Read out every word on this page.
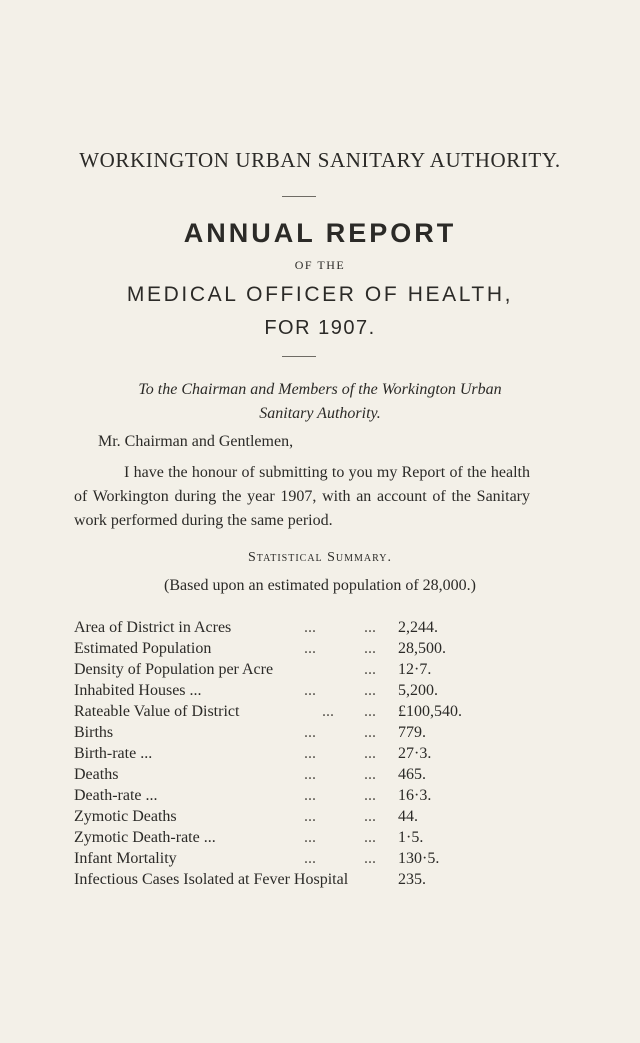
WORKINGTON URBAN SANITARY AUTHORITY.
ANNUAL REPORT
OF THE
MEDICAL OFFICER OF HEALTH,
FOR 1907.
To the Chairman and Members of the Workington Urban
Sanitary Authority.
Mr. Chairman and Gentlemen,
I have the honour of submitting to you my Report of the health of Workington during the year 1907, with an account of the Sanitary work performed during the same period.
Statistical Summary.
(Based upon an estimated population of 28,000.)
Area of District in Acres	...	... 2,244.
Estimated Population	...	... 28,500.
Density of Population per Acre	... 12·7.
Inhabited Houses ...	...	... 5,200.
Rateable Value of District	... ... £100,540.
Births	...	... 779.
Birth-rate ...	...	... 27·3.
Deaths	...	... 465.
Death-rate ...	...	... 16·3.
Zymotic Deaths	...	... 44.
Zymotic Death-rate ...	...	... 1·5.
Infant Mortality	...	... 130·5.
Infectious Cases Isolated at Fever Hospital	235.
